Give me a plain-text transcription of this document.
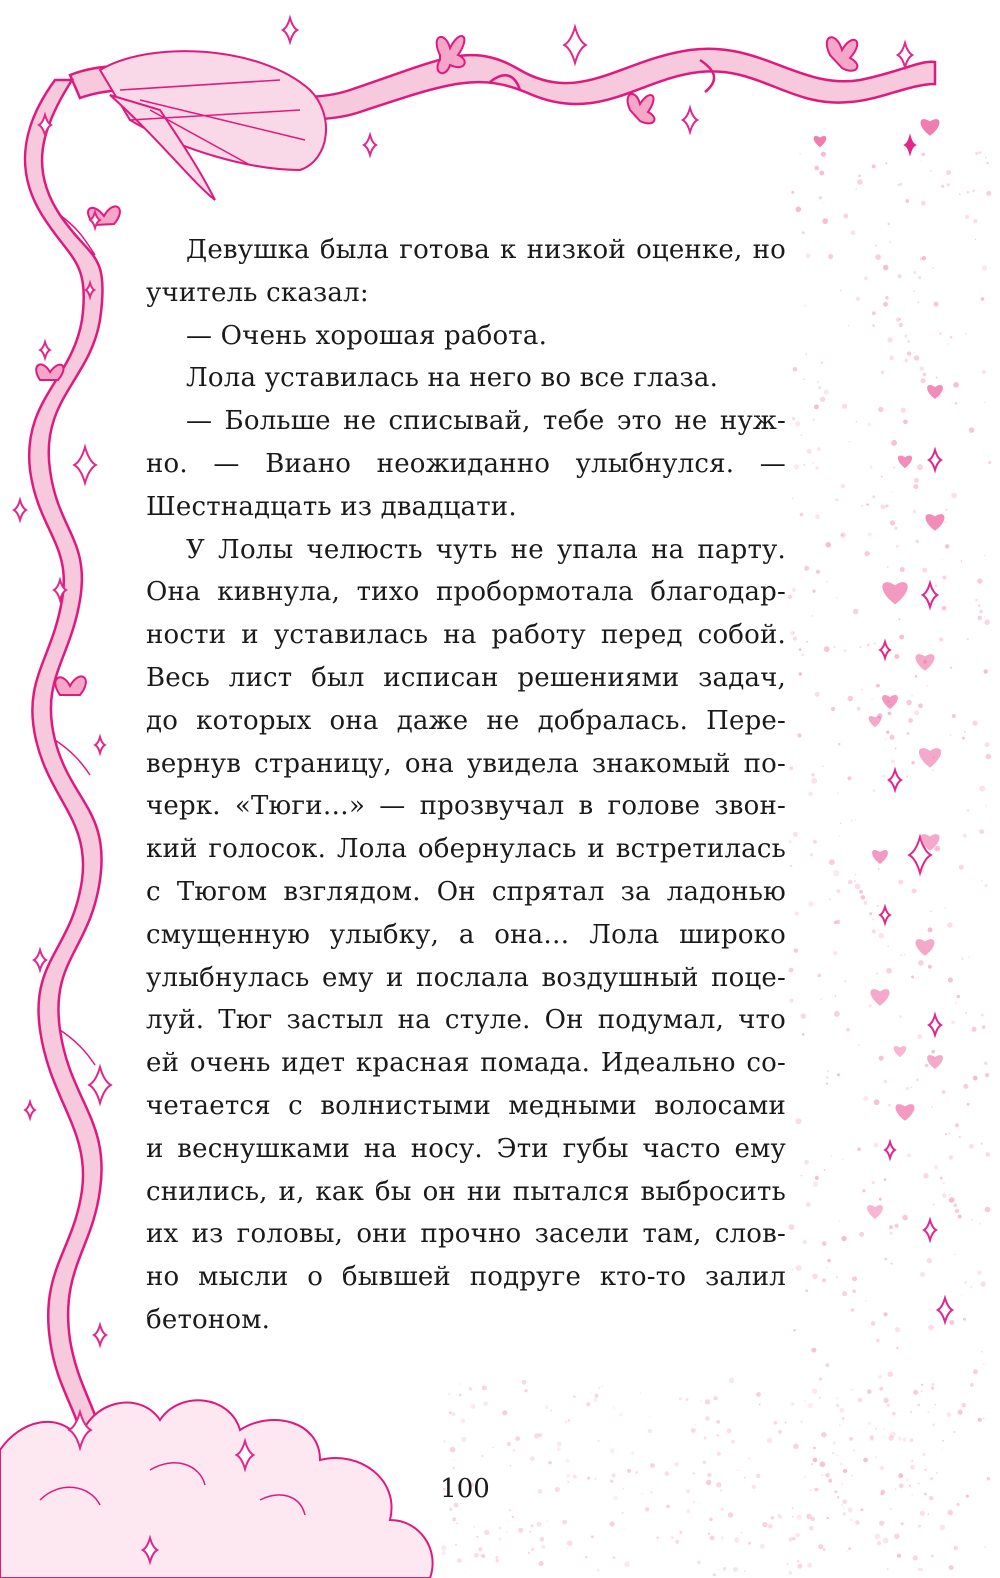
Девушка была готова к низкой оценке, но
учитель сказал:
— Очень хорошая работа.
Лола уставилась на него во все глаза.
— Больше не списывай, тебе это не нуж-
но. — Виано неожиданно улыбнулся. —
Шестнадцать из двадцати.
У Лолы челюсть чуть не упала на парту.
Она кивнула, тихо пробормотала благодар-
ности и уставилась на работу перед собой.
Весь лист был исписан решениями задач,
до которых она даже не добралась. Пере-
вернув страницу, она увидела знакомый по-
черк. «Тюги…» — прозвучал в голове звон-
кий голосок. Лола обернулась и встретилась
с Тюгом взглядом. Он спрятал за ладонью
смущенную улыбку, а она… Лола широко
улыбнулась ему и послала воздушный поце-
луй. Тюг застыл на стуле. Он подумал, что
ей очень идет красная помада. Идеально со-
четается с волнистыми медными волосами
и веснушками на носу. Эти губы часто ему
снились, и, как бы он ни пытался выбросить
их из головы, они прочно засели там, слов-
но мысли о бывшей подруге кто-то залил
бетоном.
100
